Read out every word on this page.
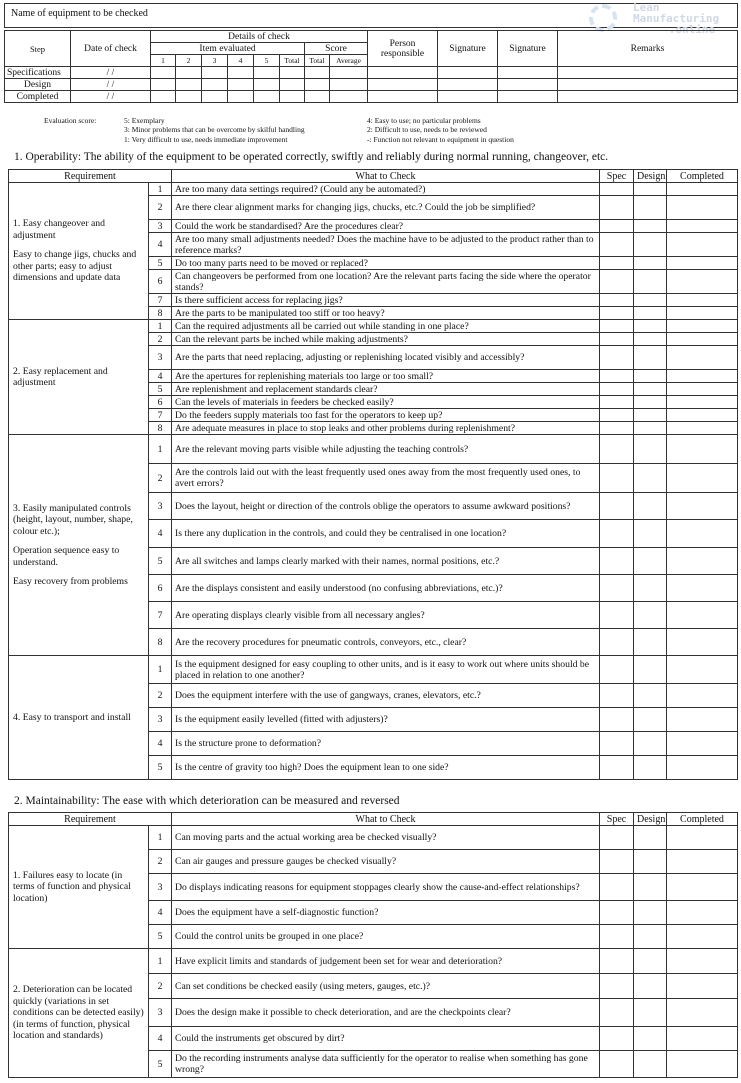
Name of equipment to be checked	Lean
Manufacturing
.online
Step	Date of check	Details of check								Person responsible	Signature	Signature	Remarks
		Item evaluated						Score					
		1	2	3	4	5	Total	Total	Average				
Specifications	/ /												
Design	/ /												
Completed	/ /												
Evaluation score:	5: Exemplary
3: Minor problems that can be overcome by skilful handling
1: Very difficult to use, needs immediate improvement
4: Easy to use; no particular problems
2: Difficult to use, needs to be reviewed
-: Function not relevant to equipment in question
1. Operability: The ability of the equipment to be operated correctly, swiftly and reliably during normal running, changeover, etc.
Requirement		What to Check	Spec	Design	Completed

1. Easy changeover and adjustment
Easy to change jigs, chucks and other parts; easy to adjust dimensions and update data	1	Are too many data settings required? (Could any be automated?)			
	2	Are there clear alignment marks for changing jigs, chucks, etc.? Could the job be simplified?			
	3	Could the work be standardised? Are the procedures clear?			
	4	Are too many small adjustments needed? Does the machine have to be adjusted to the product rather than to reference marks?			
	5	Do too many parts need to be moved or replaced?			
	6	Can changeovers be performed from one location? Are the relevant parts facing the side where the operator stands?			
	7	Is there sufficient access for replacing jigs?			
	8	Are the parts to be manipulated too stiff or too heavy?			

2. Easy replacement and adjustment	1	Can the required adjustments all be carried out while standing in one place?			
	2	Can the relevant parts be inched while making adjustments?			
	3	Are the parts that need replacing, adjusting or replenishing located visibly and accessibly?			
	4	Are the apertures for replenishing materials too large or too small?			
	5	Are replenishment and replacement standards clear?			
	6	Can the levels of materials in feeders be checked easily?			
	7	Do the feeders supply materials too fast for the operators to keep up?			
	8	Are adequate measures in place to stop leaks and other problems during replenishment?			

3. Easily manipulated controls
(height, layout, number, shape, colour etc.);
Operation sequence easy to understand.
Easy recovery from problems	1	Are the relevant moving parts visible while adjusting the teaching controls?			
	2	Are the controls laid out with the least frequently used ones away from the most frequently used ones, to avert errors?			
	3	Does the layout, height or direction of the controls oblige the operators to assume awkward positions?			
	4	Is there any duplication in the controls, and could they be centralised in one location?			
	5	Are all switches and lamps clearly marked with their names, normal positions, etc.?			
	6	Are the displays consistent and easily understood (no confusing abbreviations, etc.)?			
	7	Are operating displays clearly visible from all necessary angles?			
	8	Are the recovery procedures for pneumatic controls, conveyors, etc., clear?			

4. Easy to transport and install	1	Is the equipment designed for easy coupling to other units, and is it easy to work out where units should be placed in relation to one another?			
	2	Does the equipment interfere with the use of gangways, cranes, elevators, etc.?			
	3	Is the equipment easily levelled (fitted with adjusters)?			
	4	Is the structure prone to deformation?			
	5	Is the centre of gravity too high? Does the equipment lean to one side?			
2. Maintainability: The ease with which deterioration can be measured and reversed
Requirement		What to Check	Spec	Design	Completed

1. Failures easy to locate (in terms of function and physical location)	1	Can moving parts and the actual working area be checked visually?			
	2	Can air gauges and pressure gauges be checked visually?			
	3	Do displays indicating reasons for equipment stoppages clearly show the cause-and-effect relationships?			
	4	Does the equipment have a self-diagnostic function?			
	5	Could the control units be grouped in one place?			

2. Deterioration can be located quickly (variations in set conditions can be detected easily)
(in terms of function, physical location and standards)	1	Have explicit limits and standards of judgement been set for wear and deterioration?			
	2	Can set conditions be checked easily (using meters, gauges, etc.)?			
	3	Does the design make it possible to check deterioration, and are the checkpoints clear?			
	4	Could the instruments get obscured by dirt?			
	5	Do the recording instruments analyse data sufficiently for the operator to realise when something has gone wrong?			
